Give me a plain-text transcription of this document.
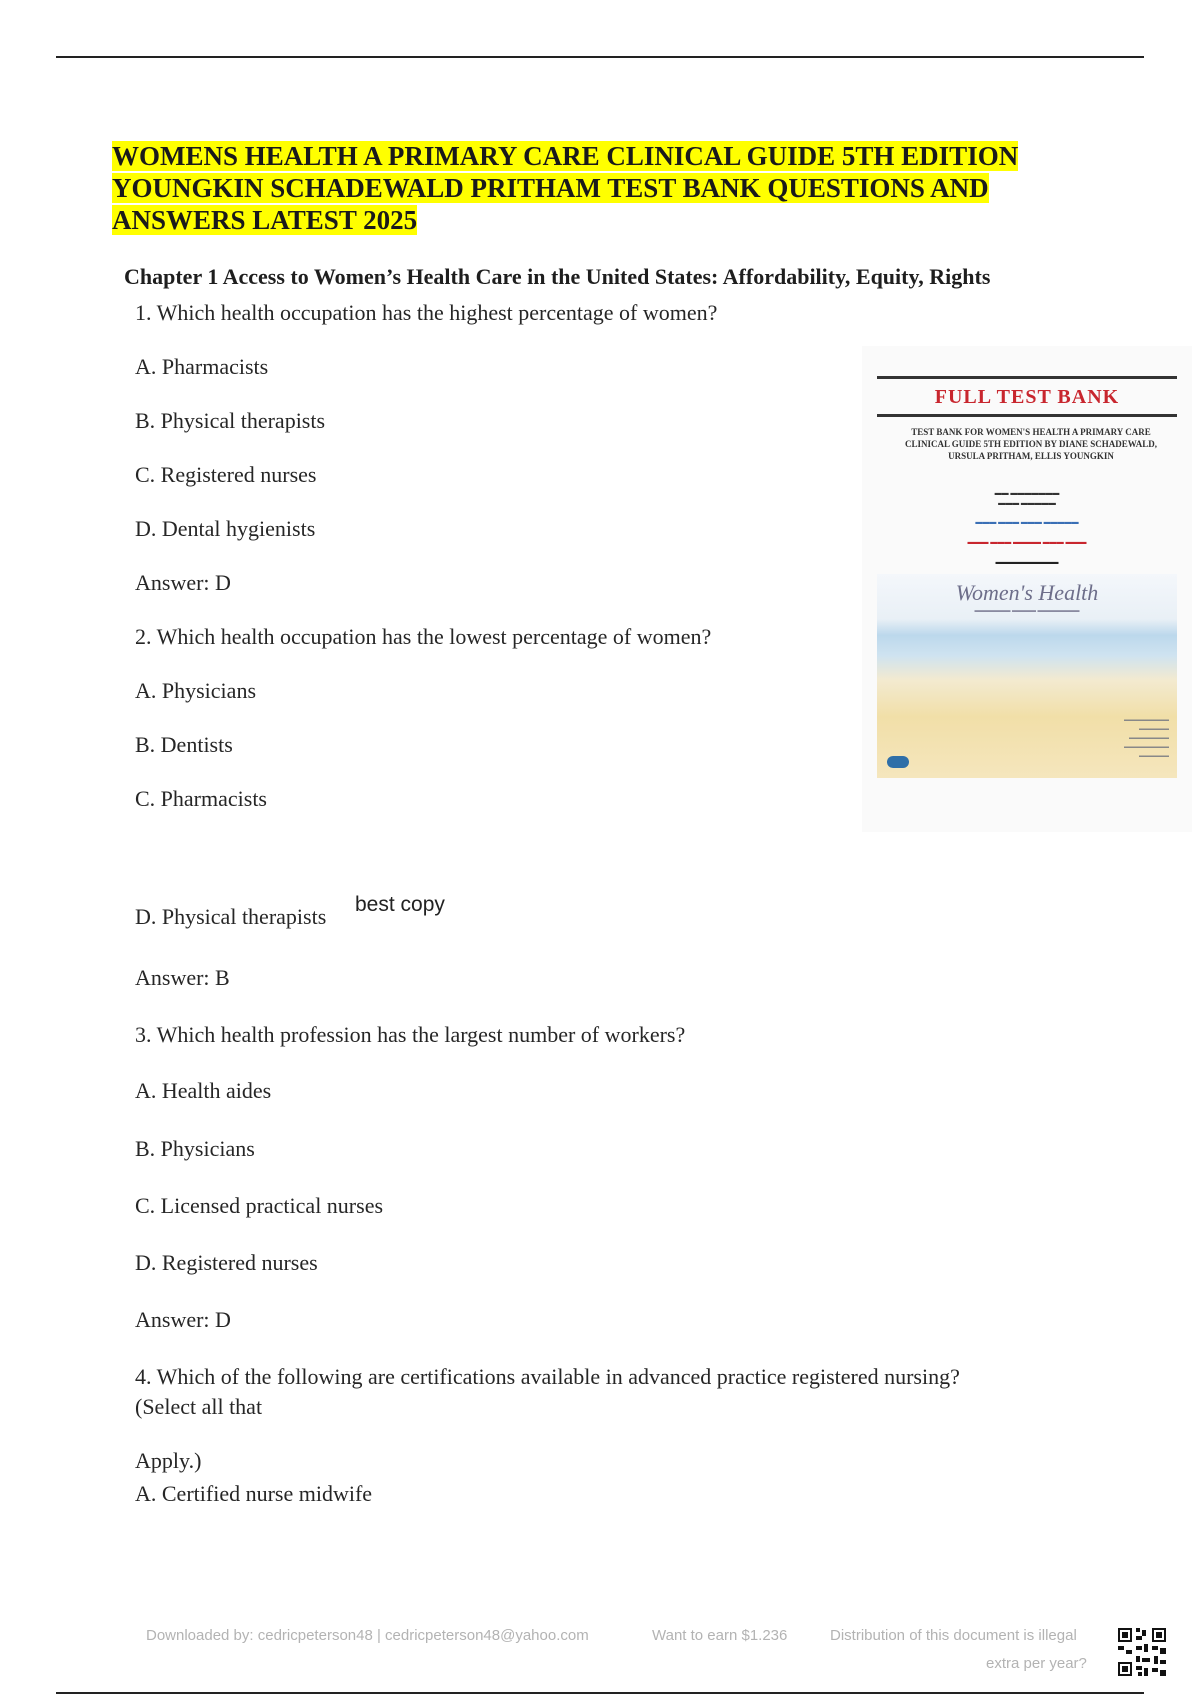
WOMENS HEALTH A PRIMARY CARE CLINICAL GUIDE 5TH EDITION YOUNGKIN SCHADEWALD PRITHAM TEST BANK QUESTIONS AND ANSWERS LATEST 2025
Chapter 1 Access to Women’s Health Care in the United States: Affordability, Equity, Rights
1. Which health occupation has the highest percentage of women?
A. Pharmacists
B. Physical therapists
C. Registered nurses
D. Dental hygienists
Answer: D
2. Which health occupation has the lowest percentage of women?
A. Physicians
B. Dentists
C. Pharmacists
D. Physical therapists best copy
Answer: B
3. Which health profession has the largest number of workers?
A. Health aides
B. Physicians
C. Licensed practical nurses
D. Registered nurses
Answer: D
4. Which of the following are certifications available in advanced practice registered nursing?
(Select all that
Apply.)
A. Certified nurse midwife
FULL TEST BANK
TEST BANK FOR WOMEN'S HEALTH A PRIMARY CARE CLINICAL GUIDE 5TH EDITION BY DIANE SCHADEWALD, URSULA PRITHAM, ELLIS YOUNGKIN
▬▬ ▬▬▬▬▬▬▬
▬▬▬ ▬▬▬▬▬
▬▬▬ ▬▬▬ ▬▬▬ ▬▬▬▬▬
▬▬▬ ▬▬▬ ▬▬▬▬ ▬▬▬ ▬▬▬
▬▬▬▬▬▬▬▬▬
Women's Health
▬▬▬▬▬▬ ▬▬▬▬ ▬▬▬▬▬▬▬
▬▬▬▬▬▬▬▬▬
▬▬▬▬▬▬
▬▬▬▬▬▬▬▬
▬▬▬▬▬▬▬▬▬
▬▬▬▬▬▬
Downloaded by: cedricpeterson48 | cedricpeterson48@yahoo.com	Want to earn $1.236	Distribution of this document is illegal
extra per year?
